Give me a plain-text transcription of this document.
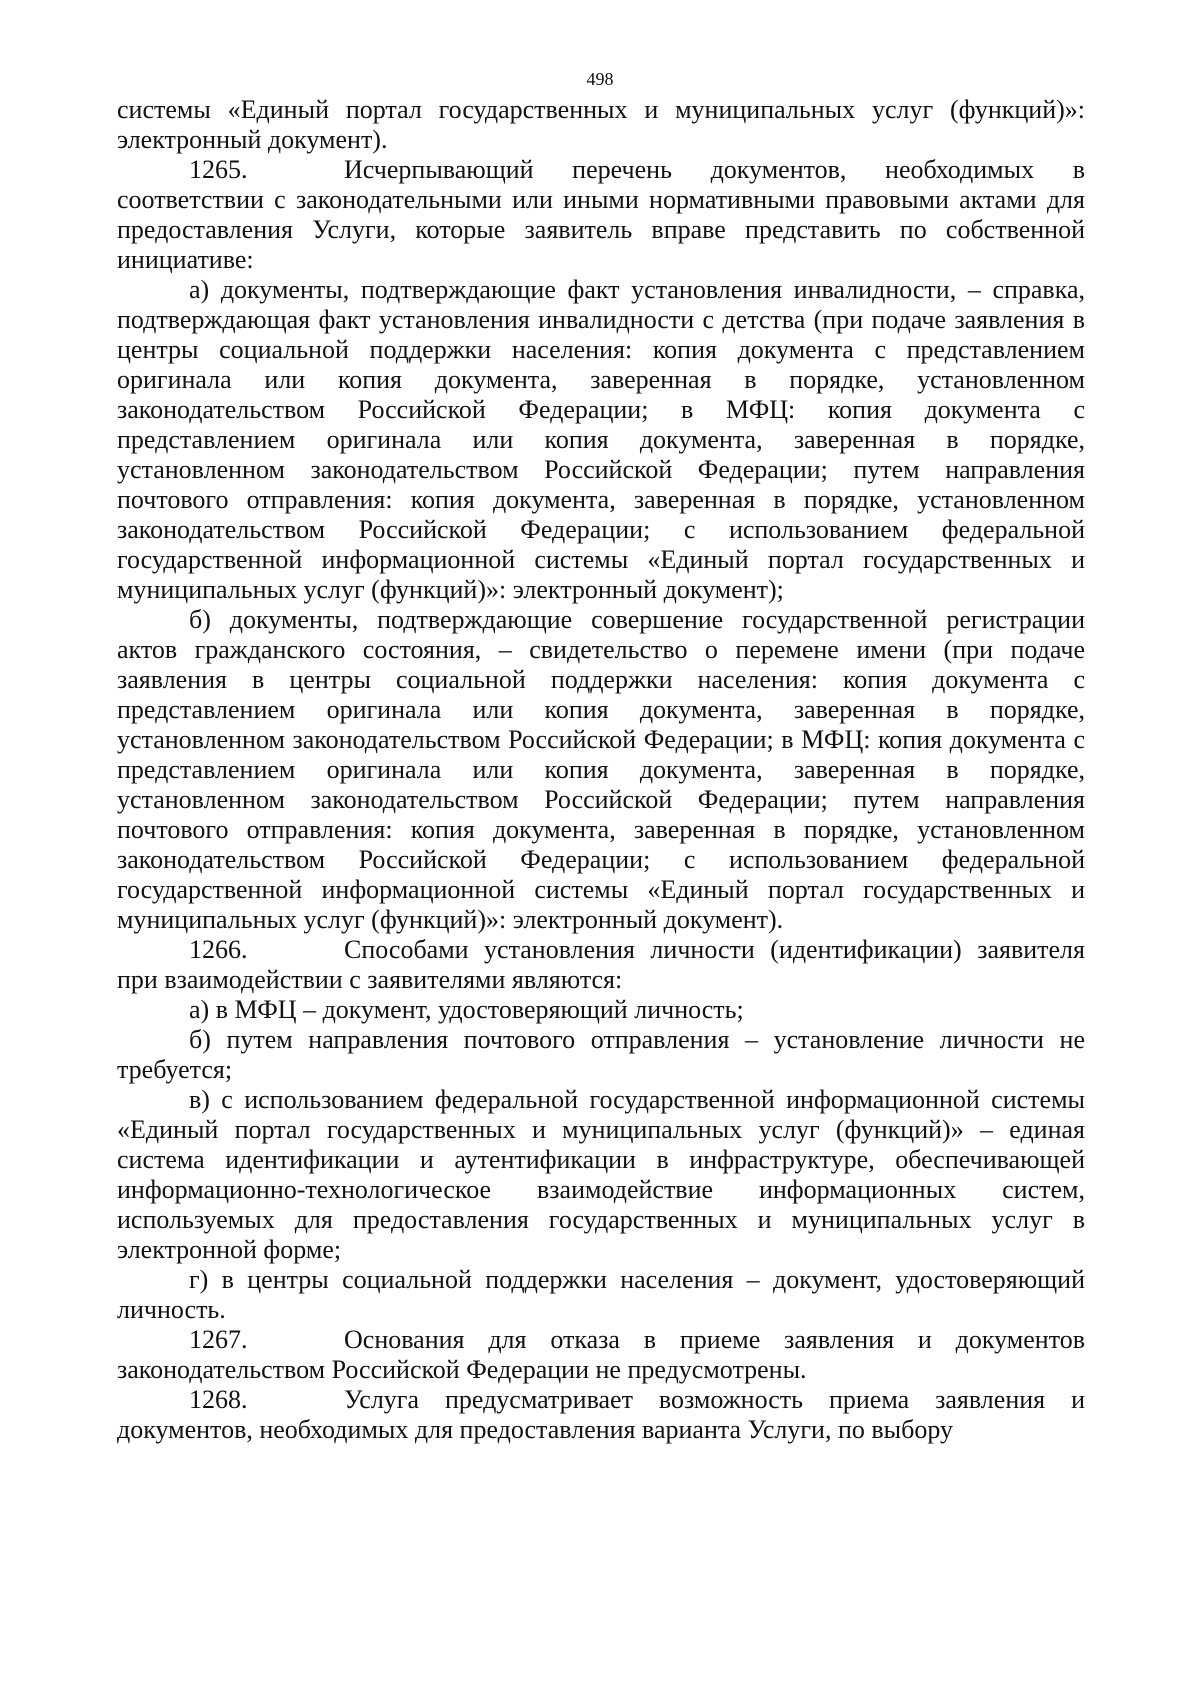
498

системы «Единый портал государственных и муниципальных услуг (функций)»: электронный документ).

1265.	Исчерпывающий перечень документов, необходимых в соответствии с законодательными или иными нормативными правовыми актами для предоставления Услуги, которые заявитель вправе представить по собственной инициативе:

а) документы, подтверждающие факт установления инвалидности, – справка, подтверждающая факт установления инвалидности с детства (при подаче заявления в центры социальной поддержки населения: копия документа с представлением оригинала или копия документа, заверенная в порядке, установленном законодательством Российской Федерации; в МФЦ: копия документа с представлением оригинала или копия документа, заверенная в порядке, установленном законодательством Российской Федерации; путем направления почтового отправления: копия документа, заверенная в порядке, установленном законодательством Российской Федерации; с использованием федеральной государственной информационной системы «Единый портал государственных и муниципальных услуг (функций)»: электронный документ);

б) документы, подтверждающие совершение государственной регистрации актов гражданского состояния, – свидетельство о перемене имени (при подаче заявления в центры социальной поддержки населения: копия документа с представлением оригинала или копия документа, заверенная в порядке, установленном законодательством Российской Федерации; в МФЦ: копия документа с представлением оригинала или копия документа, заверенная в порядке, установленном законодательством Российской Федерации; путем направления почтового отправления: копия документа, заверенная в порядке, установленном законодательством Российской Федерации; с использованием федеральной государственной информационной системы «Единый портал государственных и муниципальных услуг (функций)»: электронный документ).

1266.	Способами установления личности (идентификации) заявителя при взаимодействии с заявителями являются:

а) в МФЦ – документ, удостоверяющий личность;

б) путем направления почтового отправления – установление личности не требуется;

в) с использованием федеральной государственной информационной системы «Единый портал государственных и муниципальных услуг (функций)» – единая система идентификации и аутентификации в инфраструктуре, обеспечивающей информационно-технологическое взаимодействие информационных систем, используемых для предоставления государственных и муниципальных услуг в электронной форме;

г) в центры социальной поддержки населения – документ, удостоверяющий личность.

1267.	Основания для отказа в приеме заявления и документов законодательством Российской Федерации не предусмотрены.

1268.	Услуга предусматривает возможность приема заявления и документов, необходимых для предоставления варианта Услуги, по выбору
